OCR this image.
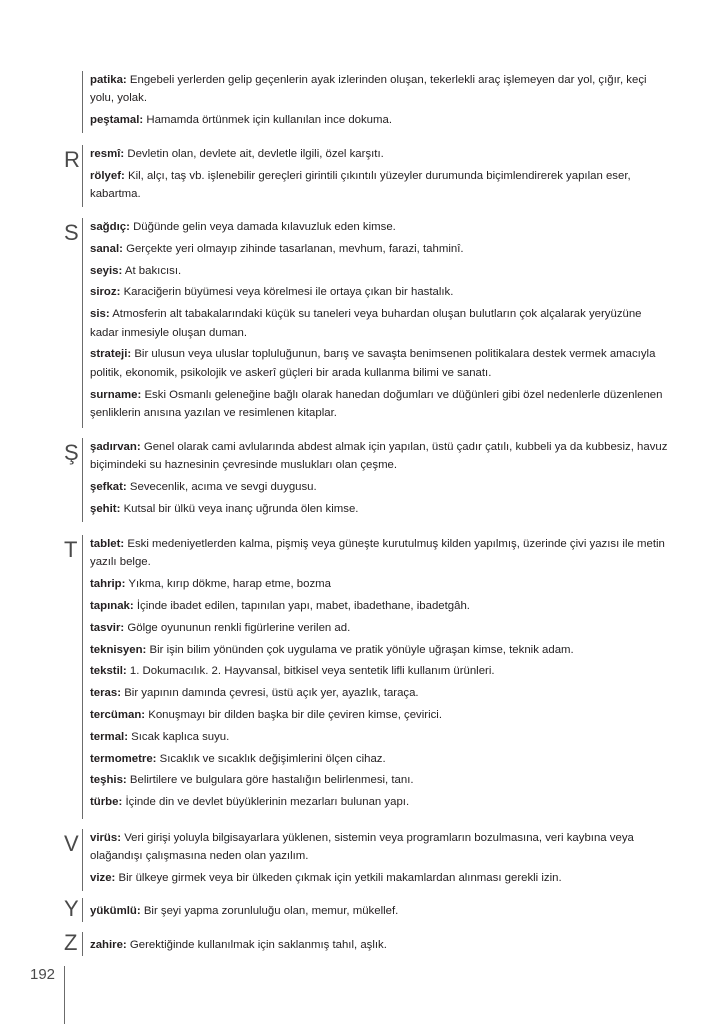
patika: Engebeli yerlerden gelip geçenlerin ayak izlerinden oluşan, tekerlekli araç işlemeyen dar yol, çığır, keçi yolu, yolak.
peştamal: Hamamda örtünmek için kullanılan ince dokuma.
R resmî: Devletin olan, devlete ait, devletle ilgili, özel karşıtı.
rölyef: Kil, alçı, taş vb. işlenebilir gereçleri girintili çıkıntılı yüzeyler durumunda biçimlendirerek yapılan eser, kabartma.
S sağdıç: Düğünde gelin veya damada kılavuzluk eden kimse.
sanal: Gerçekte yeri olmayıp zihinde tasarlanan, mevhum, farazi, tahminî.
seyis: At bakıcısı.
siroz: Karaciğerin büyümesi veya körelmesi ile ortaya çıkan bir hastalık.
sis: Atmosferin alt tabakalarındaki küçük su taneleri veya buhardan oluşan bulutların çok alçalarak yeryüzüne kadar inmesiyle oluşan duman.
strateji: Bir ulusun veya uluslar topluluğunun, barış ve savaşta benimsenen politikalara destek vermek amacıyla politik, ekonomik, psikolojik ve askerî güçleri bir arada kullanma bilimi ve sanatı.
surname: Eski Osmanlı geleneğine bağlı olarak hanedan doğumları ve düğünleri gibi özel nedenlerle düzenlenen şenliklerin anısına yazılan ve resimlenen kitaplar.
Ş şadırvan: Genel olarak cami avlularında abdest almak için yapılan, üstü çadır çatılı, kubbeli ya da kubbesiz, havuz biçimindeki su haznesinin çevresinde muslukları olan çeşme.
şefkat: Sevecenlik, acıma ve sevgi duygusu.
şehit: Kutsal bir ülkü veya inanç uğrunda ölen kimse.
T tablet: Eski medeniyetlerden kalma, pişmiş veya güneşte kurutulmuş kilden yapılmış, üzerinde çivi yazısı ile metin yazılı belge.
tahrip: Yıkma, kırıp dökme, harap etme, bozma
tapınak: İçinde ibadet edilen, tapınılan yapı, mabet, ibadethane, ibadetgâh.
tasvir: Gölge oyununun renkli figürlerine verilen ad.
teknisyen: Bir işin bilim yönünden çok uygulama ve pratik yönüyle uğraşan kimse, teknik adam.
tekstil: 1. Dokumacılık. 2. Hayvansal, bitkisel veya sentetik lifli kullanım ürünleri.
teras: Bir yapının damında çevresi, üstü açık yer, ayazlık, taraça.
tercüman: Konuşmayı bir dilden başka bir dile çeviren kimse, çevirici.
termal: Sıcak kaplıca suyu.
termometre: Sıcaklık ve sıcaklık değişimlerini ölçen cihaz.
teşhis: Belirtilere ve bulgulara göre hastalığın belirlenmesi, tanı.
türbe: İçinde din ve devlet büyüklerinin mezarları bulunan yapı.
V virüs: Veri girişi yoluyla bilgisayarlara yüklenen, sistemin veya programların bozulmasına, veri kaybına veya olağandışı çalışmasına neden olan yazılım.
vize: Bir ülkeye girmek veya bir ülkeden çıkmak için yetkili makamlardan alınması gerekli izin.
Y yükümlü: Bir şeyi yapma zorunluluğu olan, memur, mükellef.
Z zahire: Gerektiğinde kullanılmak için saklanmış tahıl, aşlık.
192
